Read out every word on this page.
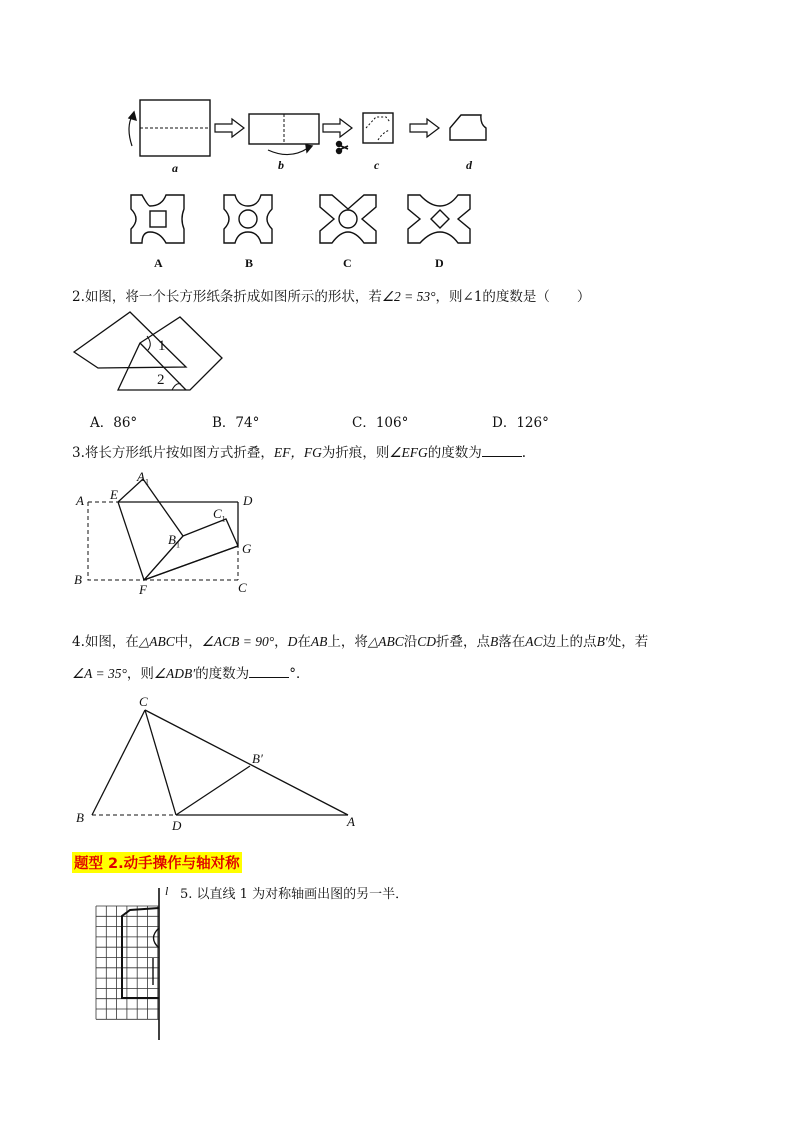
a	b	c	d
A	B	C	D
2.如图，将一个长方形纸条折成如图所示的形状，若∠2 = 53°，则∠1的度数是（　　）
1
2
A．86°	B．74°	C．106°	D．126°
3.将长方形纸片按如图方式折叠，EF，FG为折痕，则∠EFG的度数为	.
A E
$A_1$
D
$C_1$
$B_1$	G
B
F	C
4.如图，在△ABC中，∠ACB = 90°，D在AB上，将△ABC沿CD折叠，点B落在AC边上的点B′处，若
∠A = 35°，则∠ADB′的度数为	°．
C
B′
B
D	A
题型 2.动手操作与轴对称
l 5. 以直线 1 为对称轴画出图的另一半．
